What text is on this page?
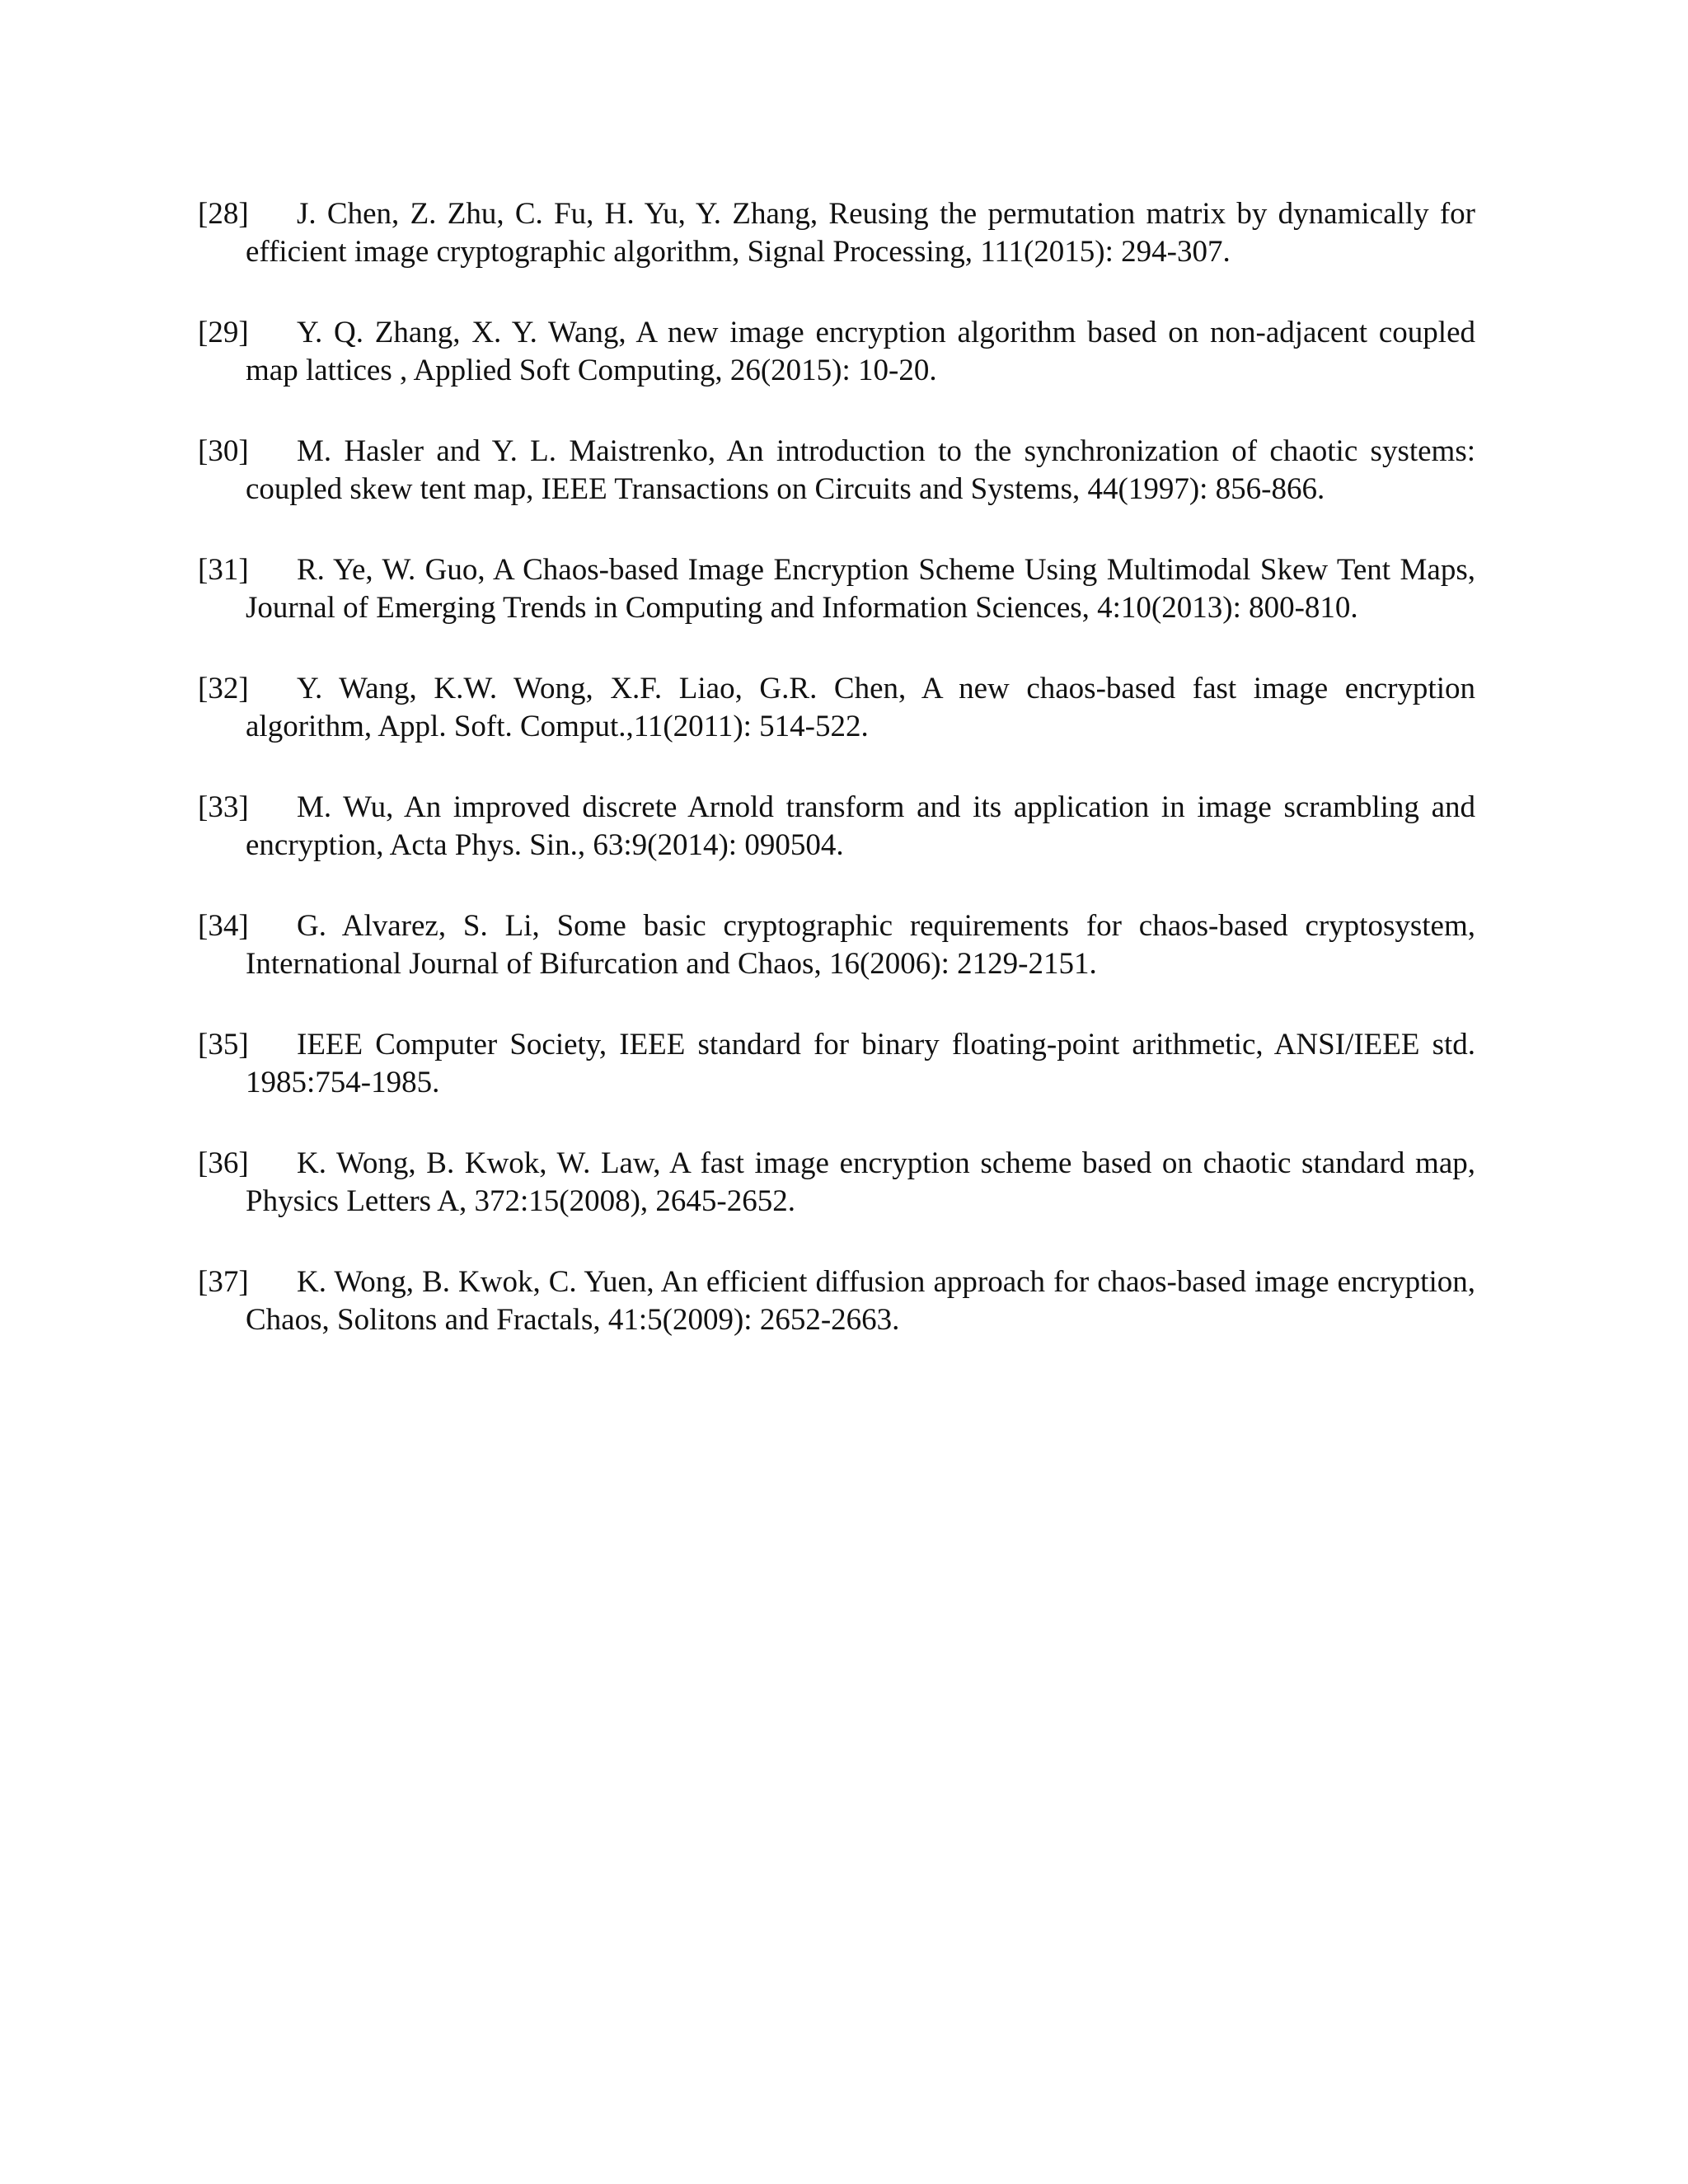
[28] J. Chen, Z. Zhu, C. Fu, H. Yu, Y. Zhang, Reusing the permutation matrix by dynamically for efficient image cryptographic algorithm, Signal Processing, 111(2015): 294-307.
[29] Y. Q. Zhang, X. Y. Wang, A new image encryption algorithm based on non-adjacent coupled map lattices , Applied Soft Computing, 26(2015): 10-20.
[30] M. Hasler and Y. L. Maistrenko, An introduction to the synchronization of chaotic systems: coupled skew tent map, IEEE Transactions on Circuits and Systems, 44(1997): 856-866.
[31] R. Ye, W. Guo, A Chaos-based Image Encryption Scheme Using Multimodal Skew Tent Maps, Journal of Emerging Trends in Computing and Information Sciences, 4:10(2013): 800-810.
[32] Y. Wang, K.W. Wong, X.F. Liao, G.R. Chen, A new chaos-based fast image encryption algorithm, Appl. Soft. Comput.,11(2011): 514-522.
[33] M. Wu, An improved discrete Arnold transform and its application in image scrambling and encryption, Acta Phys. Sin., 63:9(2014): 090504.
[34] G. Alvarez, S. Li, Some basic cryptographic requirements for chaos-based cryptosystem, International Journal of Bifurcation and Chaos, 16(2006): 2129-2151.
[35] IEEE Computer Society, IEEE standard for binary floating-point arithmetic, ANSI/IEEE std. 1985:754-1985.
[36] K. Wong, B. Kwok, W. Law, A fast image encryption scheme based on chaotic standard map, Physics Letters A, 372:15(2008), 2645-2652.
[37] K. Wong, B. Kwok, C. Yuen, An efficient diffusion approach for chaos-based image encryption, Chaos, Solitons and Fractals, 41:5(2009): 2652-2663.
